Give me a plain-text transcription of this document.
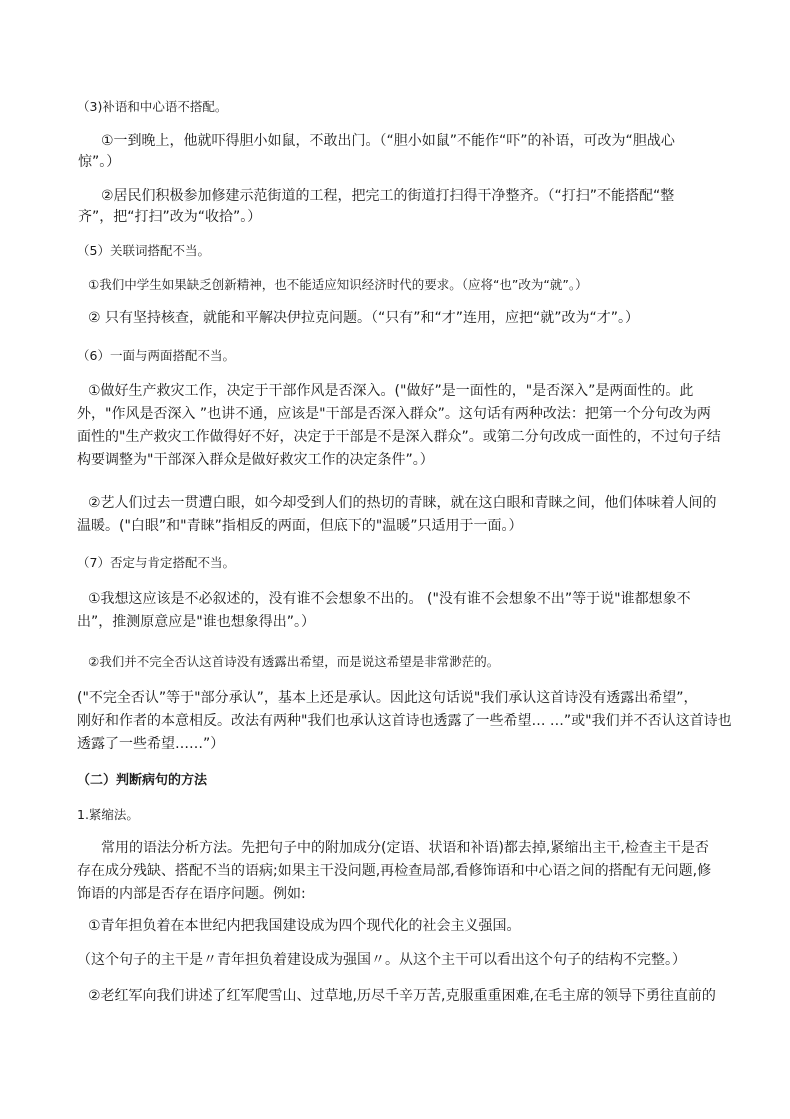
（3)补语和中心语不搭配。

①一到晚上，他就吓得胆小如鼠，不敢出门。（“胆小如鼠”不能作“吓”的补语，可改为“胆战心

惊”。）

②居民们积极参加修建示范街道的工程，把完工的街道打扫得干净整齐。（“打扫”不能搭配“整

齐”，把“打扫”改为“收拾”。）

（5）关联词搭配不当。

①我们中学生如果缺乏创新精神，也不能适应知识经济时代的要求。（应将“也”改为“就”。）

② 只有坚持核查，就能和平解决伊拉克问题。（“只有”和“才”连用，应把“就”改为“才”。）

（6）一面与两面搭配不当。

①做好生产救灾工作，决定于干部作风是否深入。("做好”是一面性的，"是否深入”是两面性的。此

外，"作风是否深入 ”也讲不通，应该是"干部是否深入群众”。这句话有两种改法：把第一个分句改为两

面性的"生产救灾工作做得好不好，决定于干部是不是深入群众”。或第二分句改成一面性的，不过句子结

构要调整为"干部深入群众是做好救灾工作的决定条件”。）

②艺人们过去一贯遭白眼，如今却受到人们的热切的青睐，就在这白眼和青睐之间，他们体味着人间的

温暖。("白眼”和"青睐”指相反的两面，但底下的"温暖”只适用于一面。）

（7）否定与肯定搭配不当。

①我想这应该是不必叙述的，没有谁不会想象不出的。 ("没有谁不会想象不出”等于说"谁都想象不

出”，推测原意应是"谁也想象得出”。）

②我们并不完全否认这首诗没有透露出希望，而是说这希望是非常渺茫的。

("不完全否认”等于"部分承认”，基本上还是承认。因此这句话说"我们承认这首诗没有透露出希望”，

刚好和作者的本意相反。改法有两种"我们也承认这首诗也透露了一些希望… …”或"我们并不否认这首诗也

透露了一些希望……”）

（二）判断病句的方法

1.紧缩法。

常用的语法分析方法。先把句子中的附加成分(定语、状语和补语)都去掉,紧缩出主干,检查主干是否

存在成分残缺、搭配不当的语病;如果主干没问题,再检查局部,看修饰语和中心语之间的搭配有无问题,修

饰语的内部是否存在语序问题。例如:

①青年担负着在本世纪内把我国建设成为四个现代化的社会主义强国。

（这个句子的主干是〃青年担负着建设成为强国〃。从这个主干可以看出这个句子的结构不完整。）

②老红军向我们讲述了红军爬雪山、过草地,历尽千辛万苦,克服重重困难,在毛主席的领导下勇往直前的
